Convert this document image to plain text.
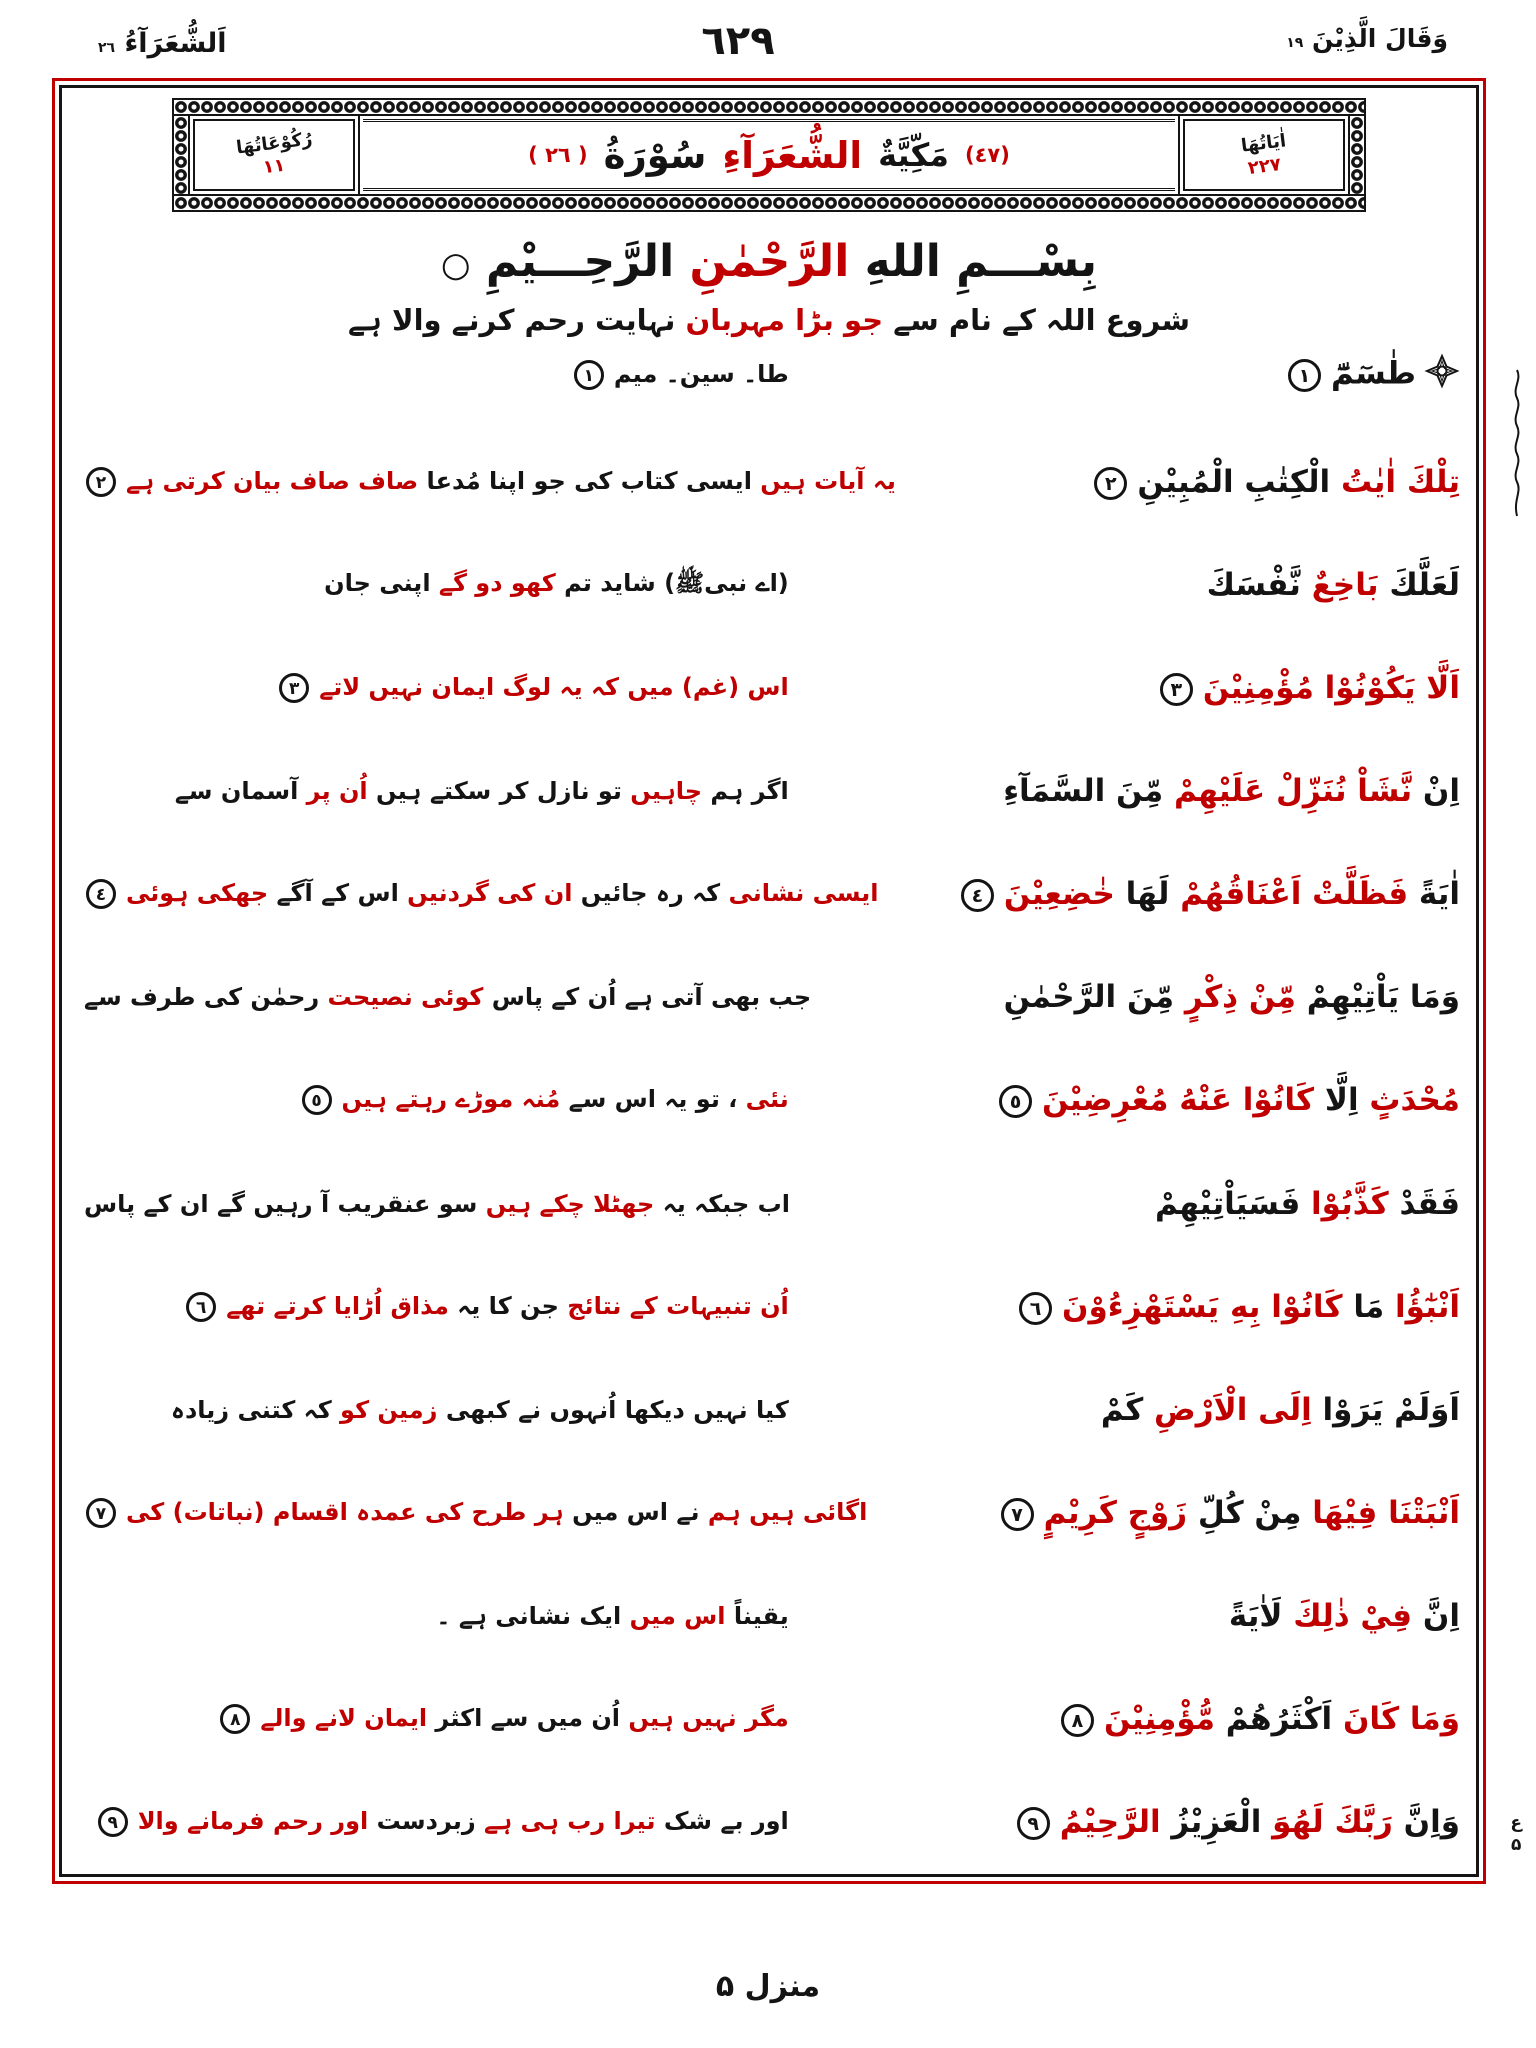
اَلشُّعَرَآءُ ٢٦	٦٢٩	وَقَالَ الَّذِيْنَ ١٩
رُکُوْعَاتُهَا
١١	( ٢٦ ) سُوْرَةُ الشُّعَرَآءِ مَكِّيَّةٌ (٤٧)	اٰیَاتُهَا
٢٢٧
بِسْـــمِ اللهِ الرَّحْمٰنِ الرَّحِـــيْمِ ○
شروع اللہ کے نام سے جو بڑا مہربان نہایت رحم کرنے والا ہے
طا۔ سین۔ میم١	طٰسٓمّٓ١
یہ آیات ہیں ایسی کتاب کی جو اپنا مُدعا صاف صاف بیان کرتی ہے٢	تِلْكَ اٰيٰتُ الْكِتٰبِ الْمُبِيْنِ٢
(اے نبیﷺ) شاید تم کھو دو گے اپنی جان	لَعَلَّكَ بَاخِعٌ نَّفْسَكَ
اس (غم) میں کہ یہ لوگ ایمان نہیں لاتے٣	اَلَّا يَكُوْنُوْا مُؤْمِنِيْنَ٣
اگر ہم چاہیں تو نازل کر سکتے ہیں اُن پر آسمان سے	اِنْ نَّشَاْ نُنَزِّلْ عَلَيْهِمْ مِّنَ السَّمَآءِ
ایسی نشانی کہ رہ جائیں ان کی گردنیں اس کے آگے جھکی ہوئی٤	اٰيَةً فَظَلَّتْ اَعْنَاقُهُمْ لَهَا خٰضِعِيْنَ٤
جب بھی آتی ہے اُن کے پاس کوئی نصیحت رحمٰن کی طرف سے	وَمَا يَاْتِيْهِمْ مِّنْ ذِكْرٍ مِّنَ الرَّحْمٰنِ
نئی ، تو یہ اس سے مُنہ موڑے رہتے ہیں٥	مُحْدَثٍ اِلَّا كَانُوْا عَنْهُ مُعْرِضِيْنَ٥
اب جبکہ یہ جھٹلا چکے ہیں سو عنقریب آ رہیں گے ان کے پاس	فَقَدْ كَذَّبُوْا فَسَيَاْتِيْهِمْ
اُن تنبیہات کے نتائج جن کا یہ مذاق اُڑایا کرتے تھے٦	اَنْبٰٓؤُا مَا كَانُوْا بِهِ يَسْتَهْزِءُوْنَ٦
کیا نہیں دیکھا اُنہوں نے کبھی زمین کو کہ کتنی زیادہ	اَوَلَمْ يَرَوْا اِلَى الْاَرْضِ كَمْ
اگائی ہیں ہم نے اس میں ہر طرح کی عمدہ اقسام (نباتات) کی٧	اَنْبَتْنَا فِيْهَا مِنْ كُلِّ زَوْجٍ كَرِيْمٍ٧
یقیناً اس میں ایک نشانی ہے ۔	اِنَّ فِيْ ذٰلِكَ لَاٰيَةً
مگر نہیں ہیں اُن میں سے اکثر ایمان لانے والے٨	وَمَا كَانَ اَكْثَرُهُمْ مُّؤْمِنِيْنَ٨
اور بے شک تیرا رب ہی ہے زبردست اور رحم فرمانے والا٩	وَاِنَّ رَبَّكَ لَهُوَ الْعَزِيْزُ الرَّحِيْمُ٩	ع
۵
منزل ۵
